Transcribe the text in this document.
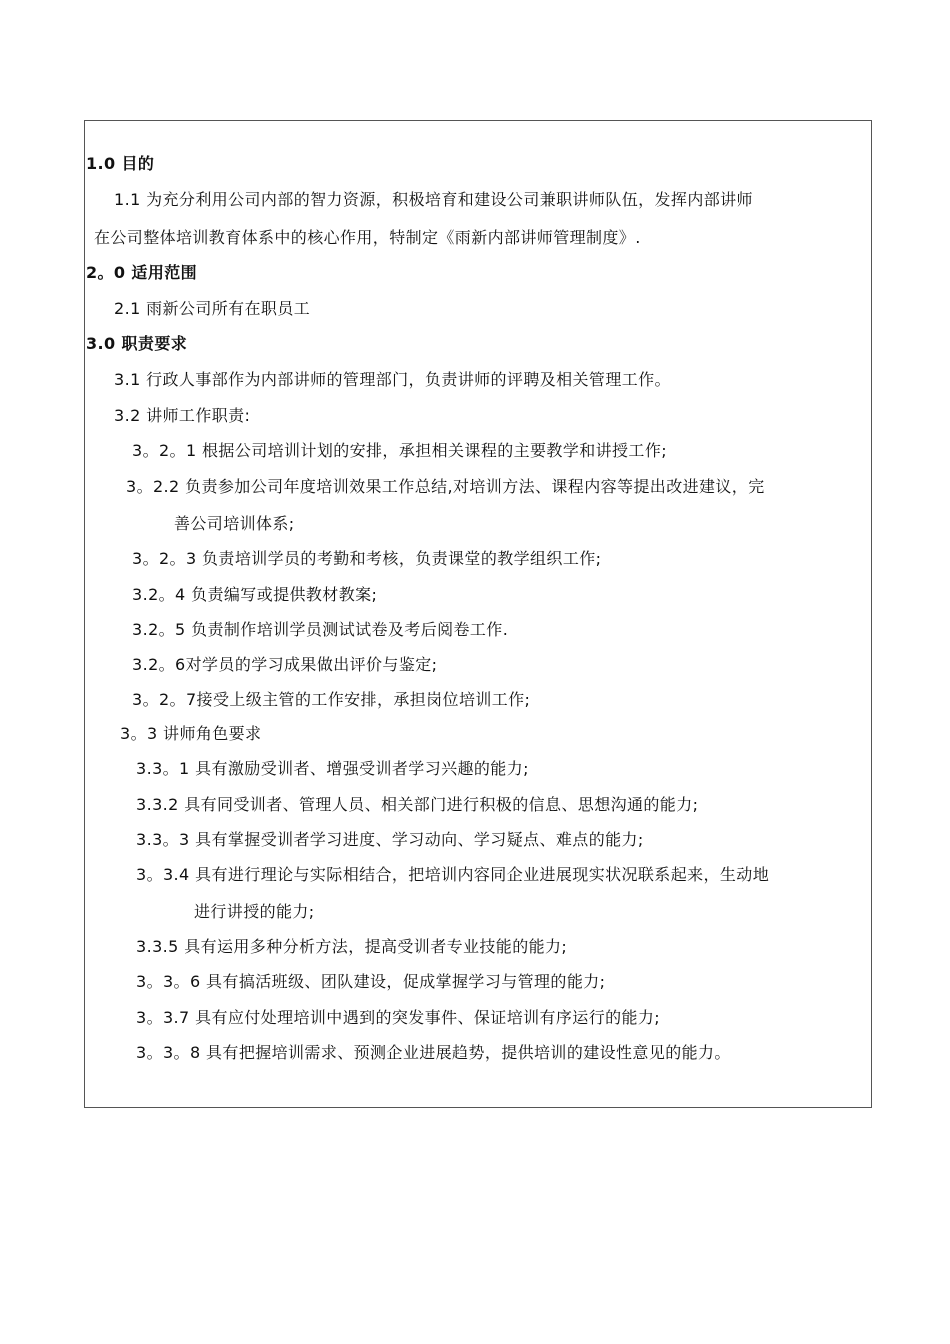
1.0 目的
1.1 为充分利用公司内部的智力资源，积极培育和建设公司兼职讲师队伍，发挥内部讲师
在公司整体培训教育体系中的核心作用，特制定《雨新内部讲师管理制度》.
2。0 适用范围
2.1 雨新公司所有在职员工
3.0 职责要求
3.1 行政人事部作为内部讲师的管理部门，负责讲师的评聘及相关管理工作。
3.2 讲师工作职责:
3。2。1 根据公司培训计划的安排，承担相关课程的主要教学和讲授工作;
3。2.2 负责参加公司年度培训效果工作总结,对培训方法、课程内容等提出改进建议，完
善公司培训体系;
3。2。3 负责培训学员的考勤和考核，负责课堂的教学组织工作;
3.2。4 负责编写或提供教材教案;
3.2。5 负责制作培训学员测试试卷及考后阅卷工作.
3.2。6对学员的学习成果做出评价与鉴定;
3。2。7接受上级主管的工作安排，承担岗位培训工作;
3。3 讲师角色要求
3.3。1 具有激励受训者、增强受训者学习兴趣的能力;
3.3.2 具有同受训者、管理人员、相关部门进行积极的信息、思想沟通的能力;
3.3。3 具有掌握受训者学习进度、学习动向、学习疑点、难点的能力;
3。3.4 具有进行理论与实际相结合，把培训内容同企业进展现实状况联系起来，生动地
进行讲授的能力;
3.3.5 具有运用多种分析方法，提高受训者专业技能的能力;
3。3。6 具有搞活班级、团队建设，促成掌握学习与管理的能力;
3。3.7 具有应付处理培训中遇到的突发事件、保证培训有序运行的能力;
3。3。8 具有把握培训需求、预测企业进展趋势，提供培训的建设性意见的能力。
